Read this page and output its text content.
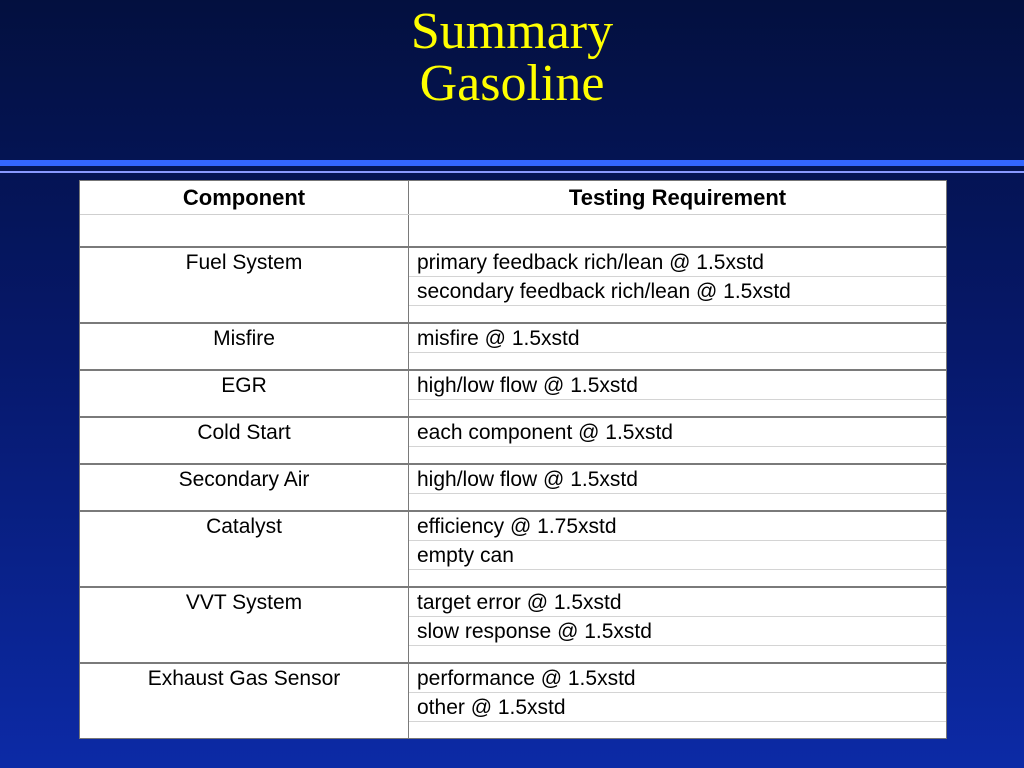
Summary
Gasoline
Component	Testing Requirement
Fuel System	primary feedback rich/lean @ 1.5xstd
secondary feedback rich/lean @ 1.5xstd
Misfire	misfire @ 1.5xstd
EGR	high/low flow @ 1.5xstd
Cold Start	each component @ 1.5xstd
Secondary Air	high/low flow @ 1.5xstd
Catalyst	efficiency @ 1.75xstd
empty can
VVT System	target error @ 1.5xstd
slow response @ 1.5xstd
Exhaust Gas Sensor	performance @ 1.5xstd
other @ 1.5xstd
